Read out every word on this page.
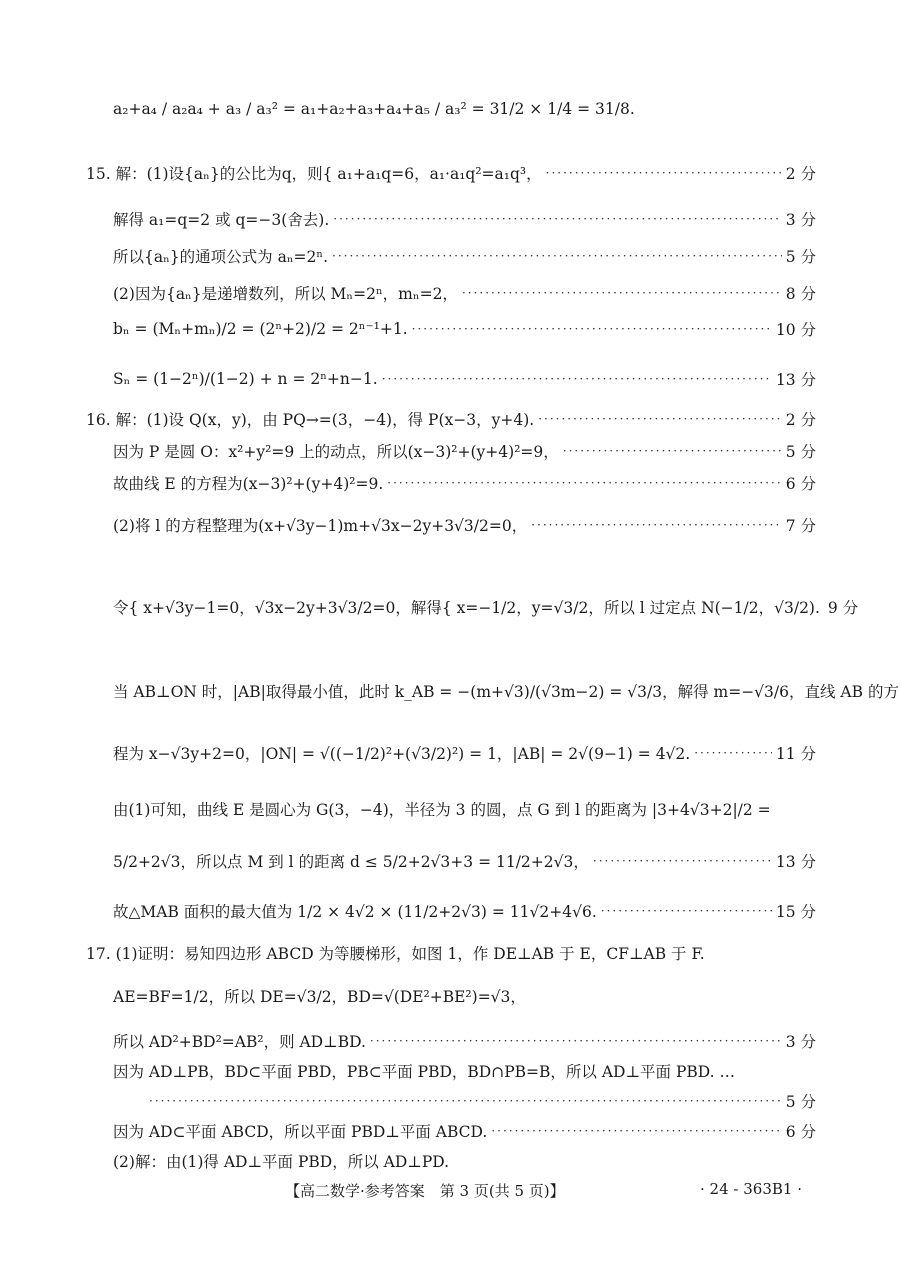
a₂+a₄ / a₂a₄ + a₃ / a₃² = a₁+a₂+a₃+a₄+a₅ / a₃² = 31/2 × 1/4 = 31/8.
15. 解：(1)设{aₙ}的公比为q，则{ a₁+a₁q=6，a₁·a₁q²=a₁q³， ·····	2 分
解得 a₁=q=2 或 q=−3(舍去). ·····	3 分
所以{aₙ}的通项公式为 aₙ=2ⁿ. ·····	5 分
(2)因为{aₙ}是递增数列，所以 Mₙ=2ⁿ，mₙ=2， ·····	8 分
bₙ = (Mₙ+mₙ)/2 = (2ⁿ+2)/2 = 2ⁿ⁻¹+1. ·····	10 分
Sₙ = (1−2ⁿ)/(1−2) + n = 2ⁿ+n−1. ·····	13 分
16. 解：(1)设 Q(x，y)，由 PQ→=(3，−4)，得 P(x−3，y+4). ·····	2 分
因为 P 是圆 O：x²+y²=9 上的动点，所以(x−3)²+(y+4)²=9， ·····	5 分
故曲线 E 的方程为(x−3)²+(y+4)²=9. ·····	6 分
(2)将 l 的方程整理为(x+√3y−1)m+√3x−2y+3√3/2=0， ·····	7 分
令{ x+√3y−1=0，√3x−2y+3√3/2=0，解得{ x=−1/2，y=√3/2，所以 l 过定点 N(−1/2，√3/2). 9 分
当 AB⊥ON 时，|AB|取得最小值，此时 k_AB = −(m+√3)/(√3m−2) = √3/3，解得 m=−√3/6，直线 AB 的方
程为 x−√3y+2=0，|ON| = √((−1/2)²+(√3/2)²) = 1，|AB| = 2√(9−1) = 4√2. ·····	11 分
由(1)可知，曲线 E 是圆心为 G(3，−4)，半径为 3 的圆，点 G 到 l 的距离为 |3+4√3+2|/2 =
5/2+2√3，所以点 M 到 l 的距离 d ≤ 5/2+2√3+3 = 11/2+2√3， ·····	13 分
故△MAB 面积的最大值为 1/2 × 4√2 × (11/2+2√3) = 11√2+4√6. ·····	15 分
17. (1)证明：易知四边形 ABCD 为等腰梯形，如图 1，作 DE⊥AB 于 E，CF⊥AB 于 F.
AE=BF=1/2，所以 DE=√3/2，BD=√(DE²+BE²)=√3，
所以 AD²+BD²=AB²，则 AD⊥BD. ·····	3 分
因为 AD⊥PB，BD⊂平面 PBD，PB⊂平面 PBD，BD∩PB=B，所以 AD⊥平面 PBD. …
·····
5 分
因为 AD⊂平面 ABCD，所以平面 PBD⊥平面 ABCD. ·····	6 分
(2)解：由(1)得 AD⊥平面 PBD，所以 AD⊥PD.
【高二数学·参考答案　第 3 页(共 5 页)】	· 24 - 363B1 ·
